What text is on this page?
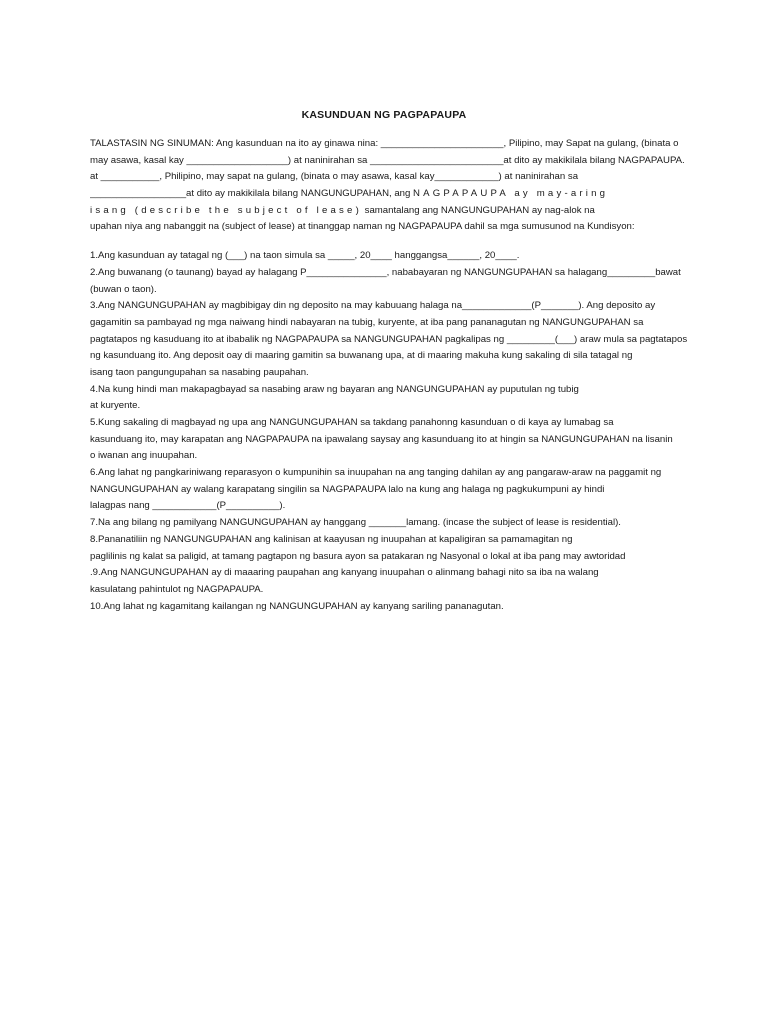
KASUNDUAN NG PAGPAPAUPA
TALASTASIN NG SINUMAN: Ang kasunduan na ito ay ginawa nina: _______________________, Pilipino, may Sapat na gulang, (binata o
may asawa, kasal kay ___________________) at naninirahan sa _________________________at dito ay makikilala bilang NAGPAPAUPA.
at ___________, Philipino, may sapat na gulang, (binata o may asawa, kasal kay____________) at naninirahan sa
__________________at dito ay makikilala bilang NANGUNGUPAHAN, ang NAGPAPAUPA ay may-aring
isang (describe the subject of lease) samantalang ang NANGUNGUPAHAN ay nag-alok na
upahan niya ang nabanggit na (subject of lease) at tinanggap naman ng NAGPAPAUPA dahil sa mga sumusunod na Kundisyon:
1.Ang kasunduan ay tatagal ng (___) na taon simula sa _____, 20____ hanggangsa______, 20____.
2.Ang buwanang (o taunang) bayad ay halagang P_______________, nababayaran ng NANGUNGUPAHAN sa halagang_________bawat
(buwan o taon).
3.Ang NANGUNGUPAHAN ay magbibigay din ng deposito na may kabuuang halaga na_____________(P_______). Ang deposito ay
gagamitin sa pambayad ng mga naiwang hindi nabayaran na tubig, kuryente, at iba pang pananagutan ng NANGUNGUPAHAN sa
pagtatapos ng kasuduang ito at ibabalik ng NAGPAPAUPA sa NANGUNGUPAHAN pagkalipas ng _________(___) araw mula sa pagtatapos
ng kasunduang ito. Ang deposit oay di maaring gamitin sa buwanang upa, at di maaring makuha kung sakaling di sila tatagal ng
isang taon pangungupahan sa nasabing paupahan.
4.Na kung hindi man makapagbayad sa nasabing araw ng bayaran ang NANGUNGUPAHAN ay puputulan ng tubig
at kuryente.
5.Kung sakaling di magbayad ng upa ang NANGUNGUPAHAN sa takdang panahonng kasunduan o di kaya ay lumabag sa
kasunduang ito, may karapatan ang NAGPAPAUPA na ipawalang saysay ang kasunduang ito at hingin sa NANGUNGUPAHAN na lisanin
o iwanan ang inuupahan.
6.Ang lahat ng pangkariniwang reparasyon o kumpunihin sa inuupahan na ang tanging dahilan ay ang pangaraw-araw na paggamit ng
NANGUNGUPAHAN ay walang karapatang singilin sa NAGPAPAUPA lalo na kung ang halaga ng pagkukumpuni ay hindi
lalagpas nang ____________(P__________).
7.Na ang bilang ng pamilyang NANGUNGUPAHAN ay hanggang _______lamang. (incase the subject of lease is residential).
8.Pananatiliin ng NANGUNGUPAHAN ang kalinisan at kaayusan ng inuupahan at kapaligiran sa pamamagitan ng
paglilinis ng kalat sa paligid, at tamang pagtapon ng basura ayon sa patakaran ng Nasyonal o lokal at iba pang may awtoridad
.9.Ang NANGUNGUPAHAN ay di maaaring paupahan ang kanyang inuupahan o alinmang bahagi nito sa iba na walang
kasulatang pahintulot ng NAGPAPAUPA.
10.Ang lahat ng kagamitang kailangan ng NANGUNGUPAHAN ay kanyang sariling pananagutan.
